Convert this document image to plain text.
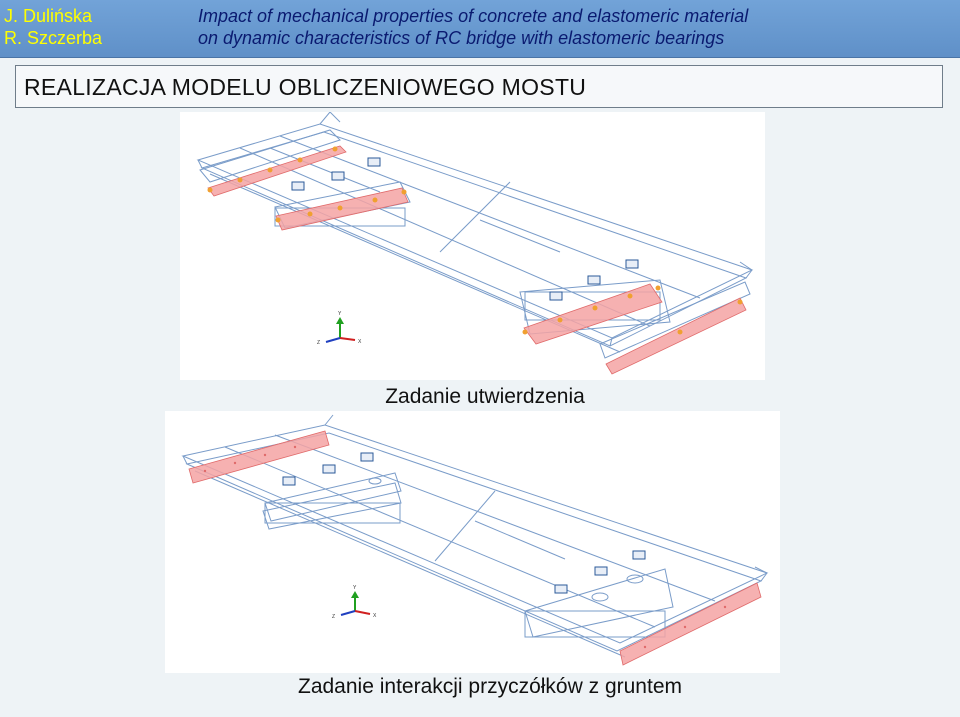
J. Dulińska
R. Szczerba
Impact of mechanical properties of concrete and elastomeric material
on dynamic characteristics of RC bridge with elastomeric bearings
REALIZACJA MODELU OBLICZENIOWEGO MOSTU
Y
X
Z
Zadanie utwierdzenia
Y
X
Z
Zadanie interakcji przyczółków z gruntem
